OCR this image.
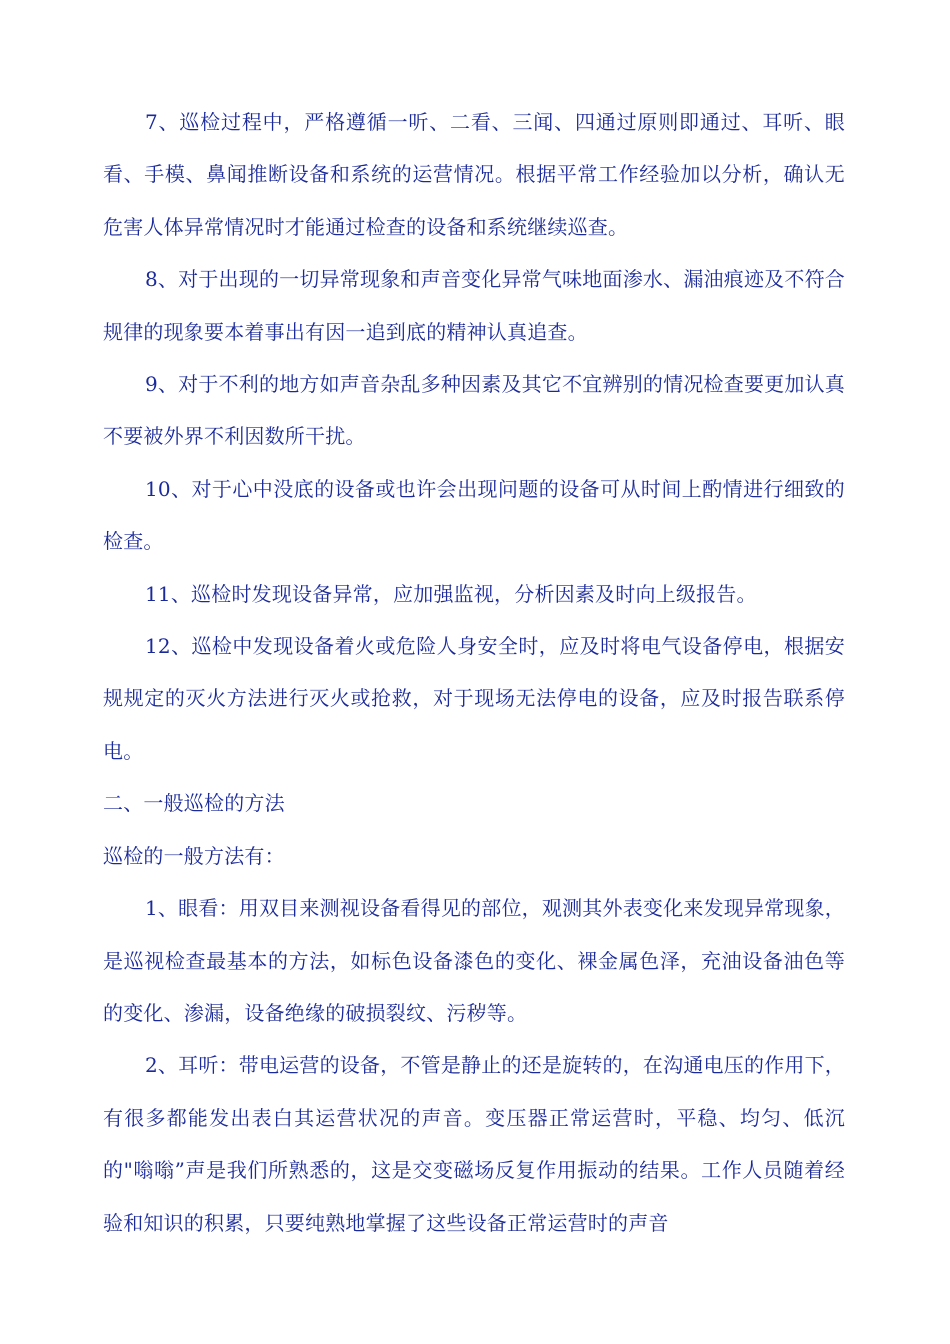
7、巡检过程中，严格遵循一听、二看、三闻、四通过原则即通过、耳听、眼看、手模、鼻闻推断设备和系统的运营情况。根据平常工作经验加以分析，确认无危害人体异常情况时才能通过检查的设备和系统继续巡查。

8、对于出现的一切异常现象和声音变化异常气味地面渗水、漏油痕迹及不符合规律的现象要本着事出有因一追到底的精神认真追查。

9、对于不利的地方如声音杂乱多种因素及其它不宜辨别的情况检查要更加认真不要被外界不利因数所干扰。

10、对于心中没底的设备或也许会出现问题的设备可从时间上酌情进行细致的检查。

11、巡检时发现设备异常，应加强监视，分析因素及时向上级报告。

12、巡检中发现设备着火或危险人身安全时，应及时将电气设备停电，根据安规规定的灭火方法进行灭火或抢救，对于现场无法停电的设备，应及时报告联系停电。

二、一般巡检的方法

巡检的一般方法有：

1、眼看：用双目来测视设备看得见的部位，观测其外表变化来发现异常现象，是巡视检查最基本的方法，如标色设备漆色的变化、裸金属色泽，充油设备油色等的变化、渗漏，设备绝缘的破损裂纹、污秽等。

2、耳听：带电运营的设备，不管是静止的还是旋转的，在沟通电压的作用下，有很多都能发出表白其运营状况的声音。变压器正常运营时，平稳、均匀、低沉的"嗡嗡”声是我们所熟悉的，这是交变磁场反复作用振动的结果。工作人员随着经验和知识的积累，只要纯熟地掌握了这些设备正常运营时的声音
